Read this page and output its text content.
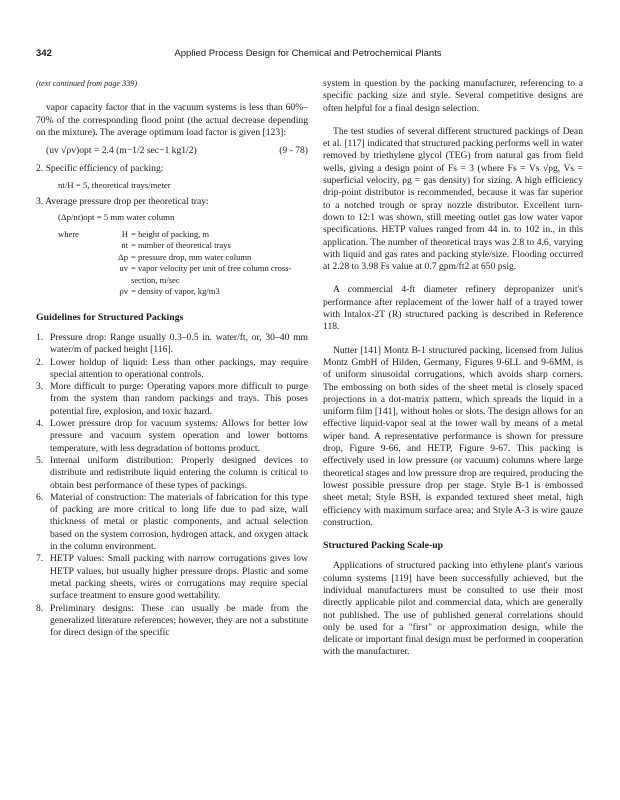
342	Applied Process Design for Chemical and Petrochemical Plants

(text continued from page 339)

vapor capacity factor that in the vacuum systems is less than 60%–70% of the corresponding flood point (the actual decrease depending on the mixture). The average optimum load factor is given [123]:

(uv √ρv)opt = 2.4 (m−1/2 sec−1 kg1/2)	(9 - 78)

2. Specific efficiency of packing:

nt/H = 5, theoretical trays/meter

3. Average pressure drop per theoretical tray:

(Δp/nt)opt = 5 mm water column
where	H = height of packing, m
nt = number of theoretical trays
Δp = pressure drop, mm water column
uv = vapor velocity per unit of free column cross-section, m/sec
ρv = density of vapor, kg/m3
Guidelines for Structured Packings
1. Pressure drop: Range usually 0.3–0.5 in. water/ft, or, 30–40 mm water/m of packed height [116].
2. Lower holdup of liquid: Less than other packings, may require special attention to operational controls.
3. More difficult to purge: Operating vapors more difficult to purge from the system than random packings and trays. This poses potential fire, explosion, and toxic hazard.
4. Lower pressure drop for vacuum systems: Allows for better low pressure and vacuum system operation and lower bottoms temperature, with less degradation of bottoms product.
5. Internal uniform distribution: Properly designed devices to distribute and redistribute liquid entering the column is critical to obtain best performance of these types of packings.
6. Material of construction: The materials of fabrication for this type of packing are more critical to long life due to pad size, wall thickness of metal or plastic components, and actual selection based on the system corrosion, hydrogen attack, and oxygen attack in the column environment.
7. HETP values: Small packing with narrow corrugations gives low HETP values, but usually higher pressure drops. Plastic and some metal packing sheets, wires or corrugations may require special surface treatment to ensure good wettability.
8. Preliminary designs: These can usually be made from the generalized literature references; however, they are not a substitute for direct design of the specific

system in question by the packing manufacturer, referencing to a specific packing size and style. Several competitive designs are often helpful for a final design selection.

The test studies of several different structured packings of Dean et al. [117] indicated that structured packing performs well in water removed by triethylene glycol (TEG) from natural gas from field wells, giving a design point of Fs = 3 (where Fs = Vs √ρg, Vs = superficial velocity, ρg = gas density) for sizing. A high efficiency drip-point distributor is recommended, because it was far superior to a notched trough or spray nozzle distributor. Excellent turn-down to 12:1 was shown, still meeting outlet gas low water vapor specifications. HETP values ranged from 44 in. to 102 in., in this application. The number of theoretical trays was 2.8 to 4.6, varying with liquid and gas rates and packing style/size. Flooding occurred at 2.28 to 3.98 Fs value at 0.7 gpm/ft2 at 650 psig.

A commercial 4-ft diameter refinery depropanizer unit's performance after replacement of the lower half of a trayed tower with Intalox-2T (R) structured packing is described in Reference 118.

Nutter [141] Montz B-1 structured packing, licensed from Julius Montz GmbH of Hilden, Germany, Figures 9-6LL and 9-6MM, is of uniform sinusoidal corrugations, which avoids sharp corners. The embossing on both sides of the sheet metal is closely spaced projections in a dot-matrix pattern, which spreads the liquid in a uniform film [141], without holes or slots. The design allows for an effective liquid-vapor seal at the tower wall by means of a metal wiper band. A representative performance is shown for pressure drop, Figure 9-66, and HETP, Figure 9-67. This packing is effectively used in low pressure (or vacuum) columns where large theoretical stages and low pressure drop are required, producing the lowest possible pressure drop per stage. Style B-1 is embossed sheet metal; Style BSH, is expanded textured sheet metal, high efficiency with maximum surface area; and Style A-3 is wire gauze construction.

Structured Packing Scale-up

Applications of structured packing into ethylene plant's various column systems [119] have been successfully achieved, but the individual manufacturers must be consulted to use their most directly applicable pilot and commercial data, which are generally not published. The use of published general correlations should only be used for a "first" or approximation design, while the delicate or important final design must be performed in cooperation with the manufacturer.
